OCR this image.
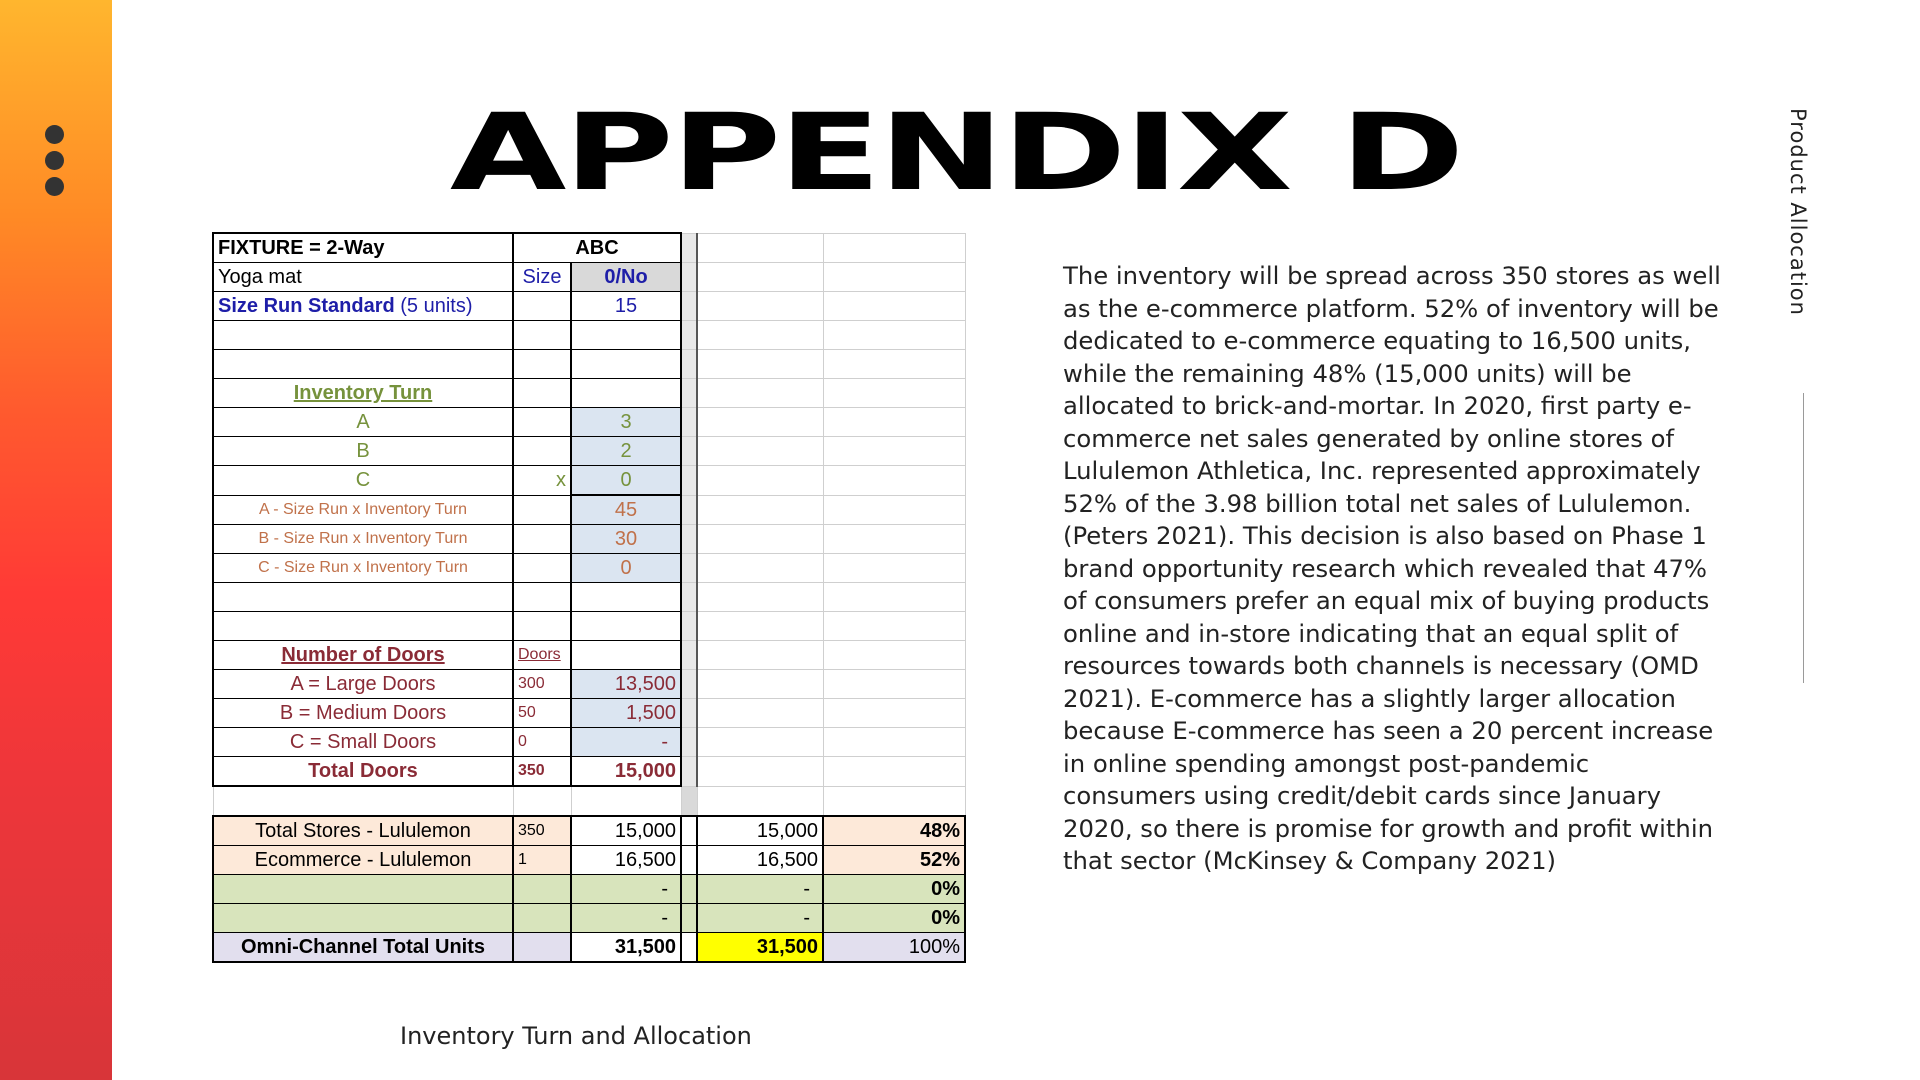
APPENDIX D	Product Allocation

The inventory will be spread across 350 stores as well as the e-commerce platform. 52% of inventory will be dedicated to e-commerce equating to 16,500 units, while the remaining 48% (15,000 units) will be allocated to brick-and-mortar. In 2020, first party e-commerce net sales generated by online stores of Lululemon Athletica, Inc. represented approximately 52% of the 3.98 billion total net sales of Lululemon. (Peters 2021). This decision is also based on Phase 1 brand opportunity research which revealed that 47% of consumers prefer an equal mix of buying products online and in-store indicating that an equal split of resources towards both channels is necessary (OMD 2021). E-commerce has a slightly larger allocation because E-commerce has seen a 20 percent increase in online spending amongst post-pandemic consumers using credit/debit cards since January 2020, so there is promise for growth and profit within that sector (McKinsey & Company 2021)

Inventory Turn and Allocation
FIXTURE = 2-Way	ABC				
Yoga mat	Size	0/No			
Size Run Standard (5 units)		15			

Inventory Turn					
A		3			
B		2			
C	x	0			
A - Size Run x Inventory Turn		45			
B - Size Run x Inventory Turn		30			
C - Size Run x Inventory Turn		0			

Number of Doors	Doors				
A = Large Doors	300	13,500			
B = Medium Doors	50	1,500			
C = Small Doors	0	-			
Total Doors	350	15,000			

Total Stores - Lululemon	350	15,000		15,000	48%
Ecommerce - Lululemon	1	16,500		16,500	52%
		-		-	0%
		-		-	0%
Omni-Channel Total Units		31,500		31,500	100%
